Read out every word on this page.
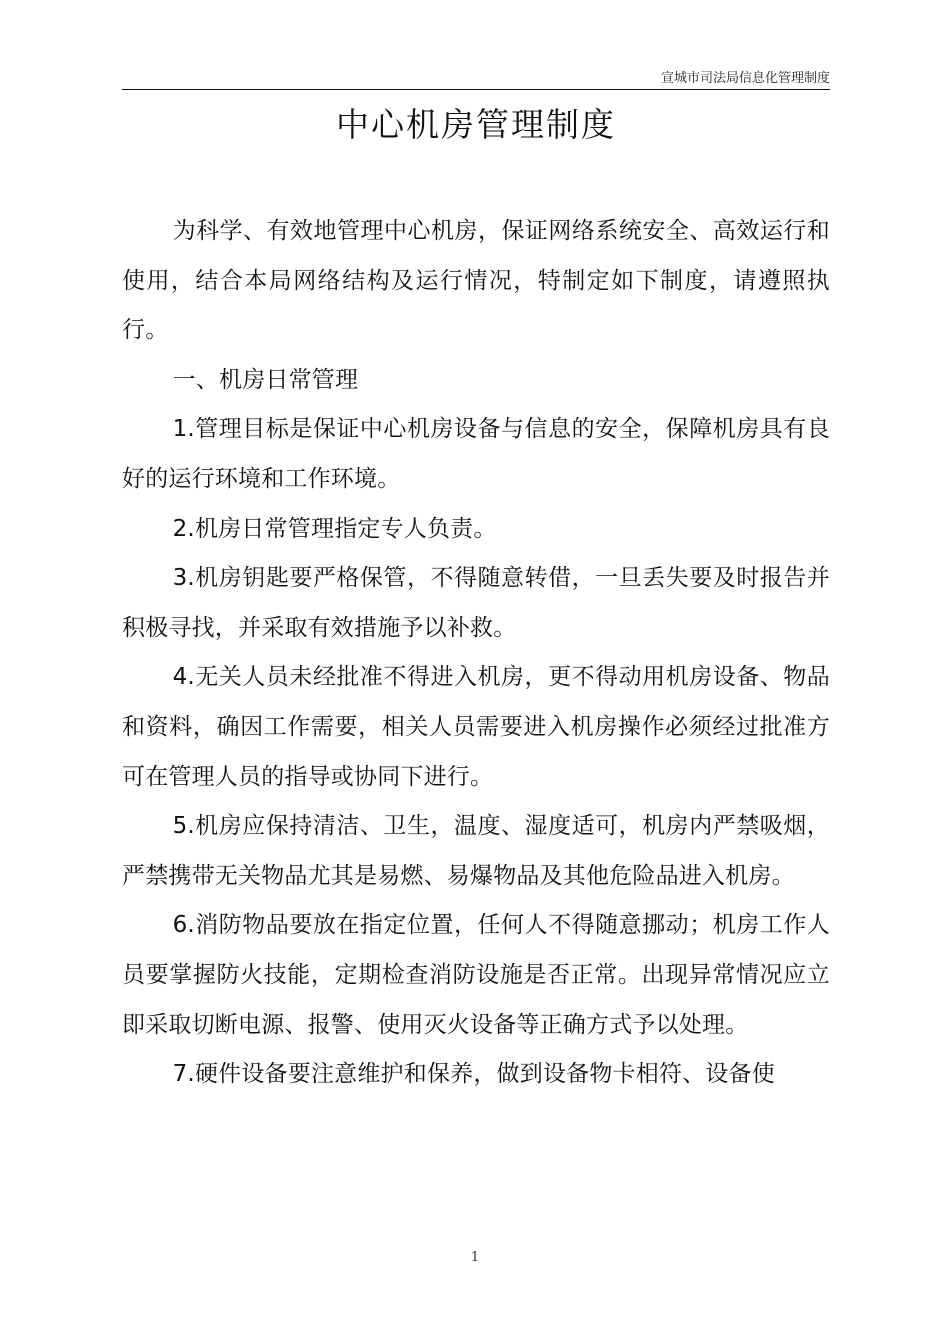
宣城市司法局信息化管理制度
中心机房管理制度

为科学、有效地管理中心机房，保证网络系统安全、高效运行和使用，结合本局网络结构及运行情况，特制定如下制度，请遵照执行。

一、机房日常管理

1.管理目标是保证中心机房设备与信息的安全，保障机房具有良好的运行环境和工作环境。

2.机房日常管理指定专人负责。

3.机房钥匙要严格保管，不得随意转借，一旦丢失要及时报告并积极寻找，并采取有效措施予以补救。

4.无关人员未经批准不得进入机房，更不得动用机房设备、物品和资料，确因工作需要，相关人员需要进入机房操作必须经过批准方可在管理人员的指导或协同下进行。

5.机房应保持清洁、卫生，温度、湿度适可，机房内严禁吸烟，严禁携带无关物品尤其是易燃、易爆物品及其他危险品进入机房。

6.消防物品要放在指定位置，任何人不得随意挪动；机房工作人员要掌握防火技能，定期检查消防设施是否正常。出现异常情况应立即采取切断电源、报警、使用灭火设备等正确方式予以处理。

7.硬件设备要注意维护和保养，做到设备物卡相符、设备使

1
